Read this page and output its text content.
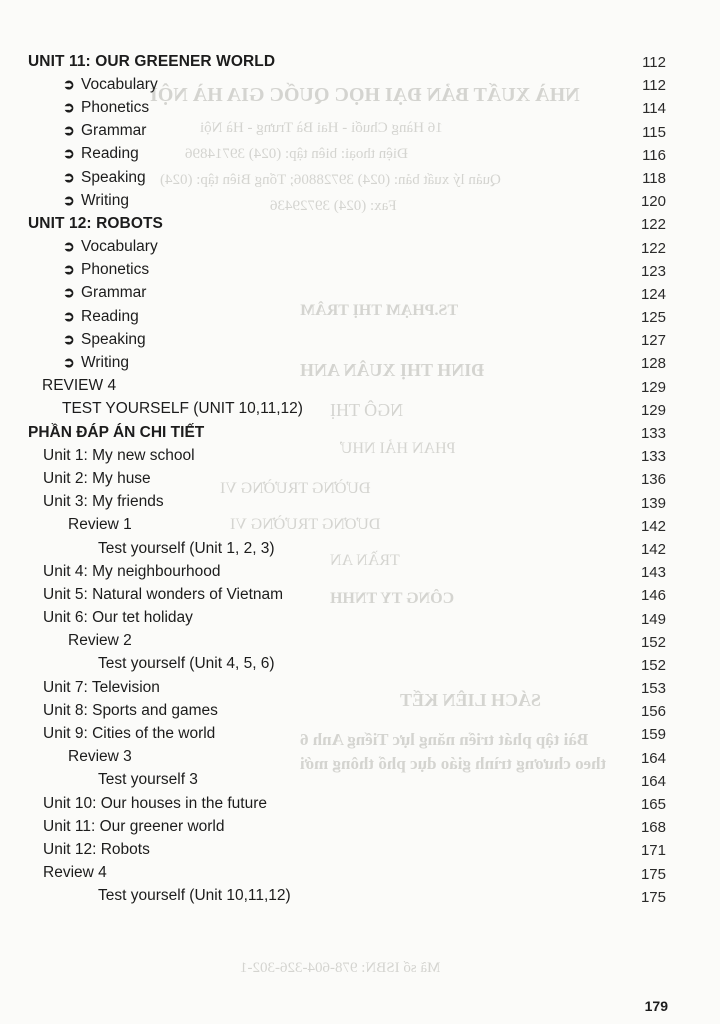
NHÀ XUẤT BẢN ĐẠI HỌC QUỐC GIA HÀ NỘI
16 Hàng Chuối - Hai Bà Trưng - Hà Nội
Điện thoại: biên tập: (024) 39714896
Quản lý xuất bản: (024) 39728806; Tổng Biên tập: (024)
Fax: (024) 39729436
TS.PHẠM THỊ TRÂM
ĐINH THỊ XUÂN ANH
NGÔ THỊ
PHAN HẢI NHƯ
ĐƯỜNG TRƯỜNG VI
DƯƠNG TRƯỜNG VI
TRẦN AN
CÔNG TY TNHH
SÁCH LIÊN KẾT
Bài tập phát triển năng lực Tiếng Anh 6
theo chương trình giáo dục phổ thông mới
Mã số ISBN: 978-604-326-302-1
UNIT 11: OUR GREENER WORLD	112
➲ Vocabulary	112
➲ Phonetics	114
➲ Grammar	115
➲ Reading	116
➲ Speaking	118
➲ Writing	120
UNIT 12: ROBOTS	122
➲ Vocabulary	122
➲ Phonetics	123
➲ Grammar	124
➲ Reading	125
➲ Speaking	127
➲ Writing	128
REVIEW 4	129
TEST YOURSELF (UNIT 10,11,12)	129
PHẦN ĐÁP ÁN CHI TIẾT	133
Unit 1: My new school	133
Unit 2: My huse	136
Unit 3: My friends	139
Review 1	142
Test yourself (Unit 1, 2, 3)	142
Unit 4: My neighbourhood	143
Unit 5: Natural wonders of Vietnam	146
Unit 6: Our tet holiday	149
Review 2	152
Test yourself (Unit 4, 5, 6)	152
Unit 7: Television	153
Unit 8: Sports and games	156
Unit 9: Cities of the world	159
Review 3	164
Test yourself 3	164
Unit 10: Our houses in the future	165
Unit 11: Our greener world	168
Unit 12: Robots	171
Review 4	175
Test yourself (Unit 10,11,12)	175
179
